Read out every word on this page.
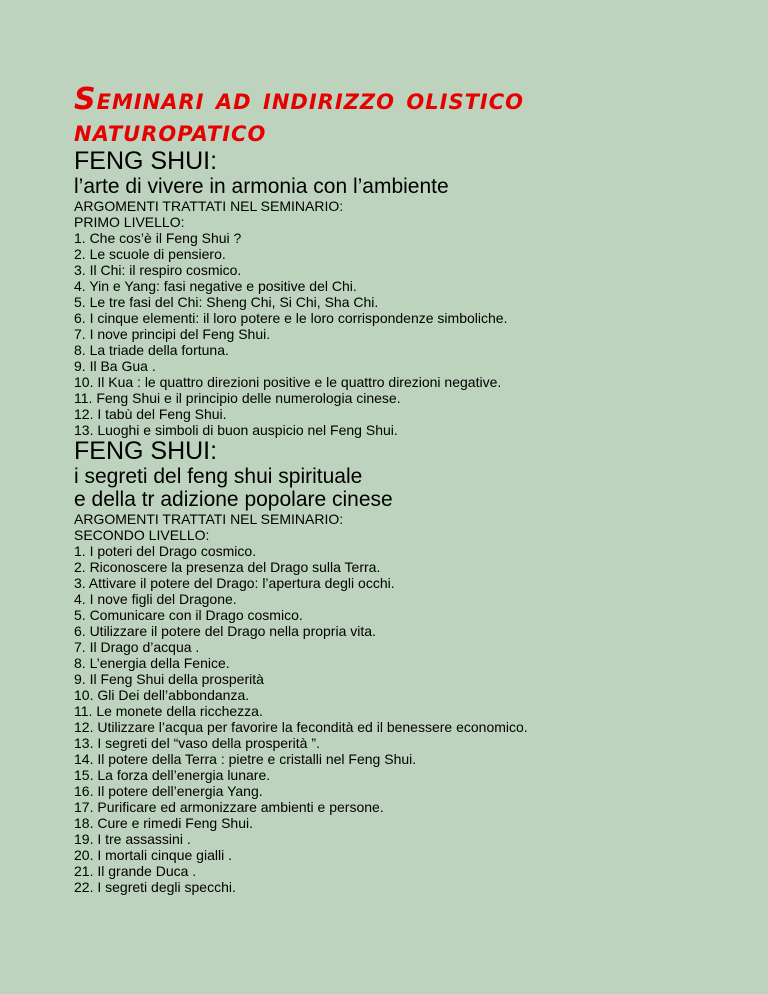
Seminari ad indirizzo olistico
naturopatico
FENG SHUI:
l’arte di vivere in armonia con l’ambiente

ARGOMENTI TRATTATI NEL SEMINARIO:

PRIMO LIVELLO:

1. Che cos’è il Feng Shui ?
2. Le scuole di pensiero.
3. Il Chi: il respiro cosmico.
4. Yin e Yang: fasi negative e positive del Chi.
5. Le tre fasi del Chi: Sheng Chi, Si Chi, Sha Chi.
6. I cinque elementi: il loro potere e le loro corrispondenze simboliche.
7. I nove principi del Feng Shui.
8. La triade della fortuna.
9. Il Ba Gua .
10. Il Kua : le quattro direzioni positive e le quattro direzioni negative.
11. Feng Shui e il principio delle numerologia cinese.
12. I tabù del Feng Shui.
13. Luoghi e simboli di buon auspicio nel Feng Shui.
FENG SHUI:
i segreti del feng shui spirituale
e della tr adizione popolare cinese

ARGOMENTI TRATTATI NEL SEMINARIO:

SECONDO LIVELLO:

1. I poteri del Drago cosmico.
2. Riconoscere la presenza del Drago sulla Terra.
3. Attivare il potere del Drago: l’apertura degli occhi.
4. I nove figli del Dragone.
5. Comunicare con il Drago cosmico.
6. Utilizzare il potere del Drago nella propria vita.
7. Il Drago d’acqua .
8. L’energia della Fenice.
9. Il Feng Shui della prosperità
10. Gli Dei dell’abbondanza.
11. Le monete della ricchezza.
12. Utilizzare l’acqua per favorire la fecondità ed il benessere economico.
13. I segreti del “vaso della prosperità ”.
14. Il potere della Terra : pietre e cristalli nel Feng Shui.
15. La forza dell’energia lunare.
16. Il potere dell’energia Yang.
17. Purificare ed armonizzare ambienti e persone.
18. Cure e rimedi Feng Shui.
19. I tre assassini .
20. I mortali cinque gialli .
21. Il grande Duca .
22. I segreti degli specchi.
